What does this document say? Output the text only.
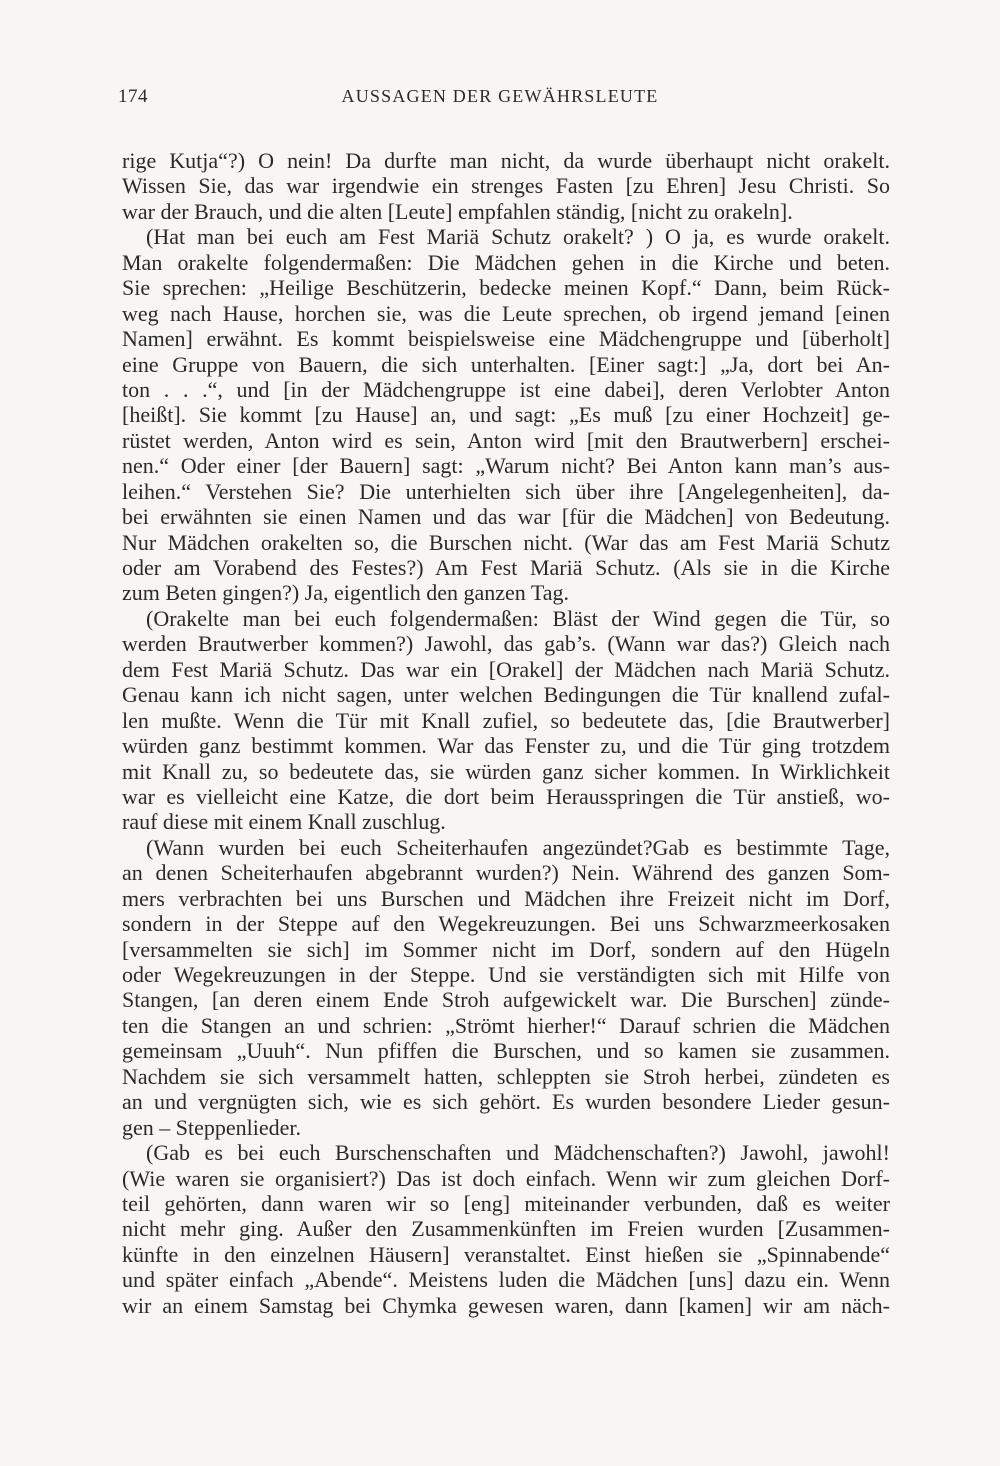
174	AUSSAGEN DER GEWÄHRSLEUTE

rige Kutja“?) O nein! Da durfte man nicht, da wurde überhaupt nicht orakelt.
Wissen Sie, das war irgendwie ein strenges Fasten [zu Ehren] Jesu Christi. So
war der Brauch, und die alten [Leute] empfahlen ständig, [nicht zu orakeln].

(Hat man bei euch am Fest Mariä Schutz orakelt? ) O ja, es wurde orakelt.
Man orakelte folgendermaßen: Die Mädchen gehen in die Kirche und beten.
Sie sprechen: „Heilige Beschützerin, bedecke meinen Kopf.“ Dann, beim Rück-
weg nach Hause, horchen sie, was die Leute sprechen, ob irgend jemand [einen
Namen] erwähnt. Es kommt beispielsweise eine Mädchengruppe und [überholt]
eine Gruppe von Bauern, die sich unterhalten. [Einer sagt:] „Ja, dort bei An-
ton . . .“, und [in der Mädchengruppe ist eine dabei], deren Verlobter Anton
[heißt]. Sie kommt [zu Hause] an, und sagt: „Es muß [zu einer Hochzeit] ge-
rüstet werden, Anton wird es sein, Anton wird [mit den Brautwerbern] erschei-
nen.“ Oder einer [der Bauern] sagt: „Warum nicht? Bei Anton kann man’s aus-
leihen.“ Verstehen Sie? Die unterhielten sich über ihre [Angelegenheiten], da-
bei erwähnten sie einen Namen und das war [für die Mädchen] von Bedeutung.
Nur Mädchen orakelten so, die Burschen nicht. (War das am Fest Mariä Schutz
oder am Vorabend des Festes?) Am Fest Mariä Schutz. (Als sie in die Kirche
zum Beten gingen?) Ja, eigentlich den ganzen Tag.

(Orakelte man bei euch folgendermaßen: Bläst der Wind gegen die Tür, so
werden Brautwerber kommen?) Jawohl, das gab’s. (Wann war das?) Gleich nach
dem Fest Mariä Schutz. Das war ein [Orakel] der Mädchen nach Mariä Schutz.
Genau kann ich nicht sagen, unter welchen Bedingungen die Tür knallend zufal-
len mußte. Wenn die Tür mit Knall zufiel, so bedeutete das, [die Brautwerber]
würden ganz bestimmt kommen. War das Fenster zu, und die Tür ging trotzdem
mit Knall zu, so bedeutete das, sie würden ganz sicher kommen. In Wirklichkeit
war es vielleicht eine Katze, die dort beim Herausspringen die Tür anstieß, wo-
rauf diese mit einem Knall zuschlug.

(Wann wurden bei euch Scheiterhaufen angezündet?Gab es bestimmte Tage,
an denen Scheiterhaufen abgebrannt wurden?) Nein. Während des ganzen Som-
mers verbrachten bei uns Burschen und Mädchen ihre Freizeit nicht im Dorf,
sondern in der Steppe auf den Wegekreuzungen. Bei uns Schwarzmeerkosaken
[versammelten sie sich] im Sommer nicht im Dorf, sondern auf den Hügeln
oder Wegekreuzungen in der Steppe. Und sie verständigten sich mit Hilfe von
Stangen, [an deren einem Ende Stroh aufgewickelt war. Die Burschen] zünde-
ten die Stangen an und schrien: „Strömt hierher!“ Darauf schrien die Mädchen
gemeinsam „Uuuh“. Nun pfiffen die Burschen, und so kamen sie zusammen.
Nachdem sie sich versammelt hatten, schleppten sie Stroh herbei, zündeten es
an und vergnügten sich, wie es sich gehört. Es wurden besondere Lieder gesun-
gen – Steppenlieder.

(Gab es bei euch Burschenschaften und Mädchenschaften?) Jawohl, jawohl!
(Wie waren sie organisiert?) Das ist doch einfach. Wenn wir zum gleichen Dorf-
teil gehörten, dann waren wir so [eng] miteinander verbunden, daß es weiter
nicht mehr ging. Außer den Zusammenkünften im Freien wurden [Zusammen-
künfte in den einzelnen Häusern] veranstaltet. Einst hießen sie „Spinnabende“
und später einfach „Abende“. Meistens luden die Mädchen [uns] dazu ein. Wenn
wir an einem Samstag bei Chymka gewesen waren, dann [kamen] wir am näch-
